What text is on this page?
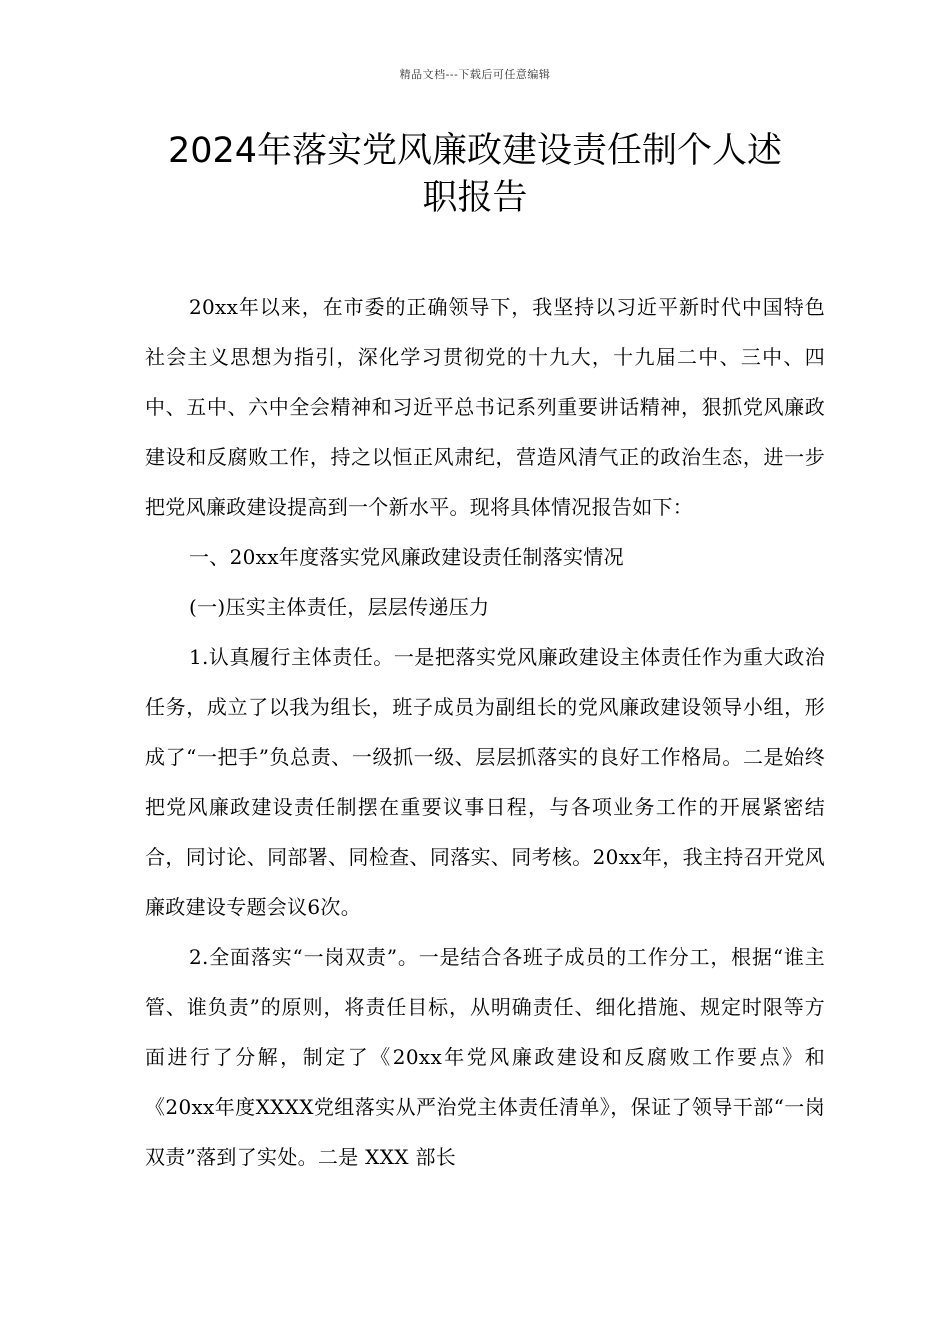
精品文档---下载后可任意编辑
2024年落实党风廉政建设责任制个人述
职报告

20xx年以来，在市委的正确领导下，我坚持以习近平新时代中国特色社会主义思想为指引，深化学习贯彻党的十九大，十九届二中、三中、四中、五中、六中全会精神和习近平总书记系列重要讲话精神，狠抓党风廉政建设和反腐败工作，持之以恒正风肃纪，营造风清气正的政治生态，进一步把党风廉政建设提高到一个新水平。现将具体情况报告如下：

一、20xx年度落实党风廉政建设责任制落实情况

(一)压实主体责任，层层传递压力

1.认真履行主体责任。一是把落实党风廉政建设主体责任作为重大政治任务，成立了以我为组长，班子成员为副组长的党风廉政建设领导小组，形成了“一把手”负总责、一级抓一级、层层抓落实的良好工作格局。二是始终把党风廉政建设责任制摆在重要议事日程，与各项业务工作的开展紧密结合，同讨论、同部署、同检查、同落实、同考核。20xx年，我主持召开党风廉政建设专题会议6次。

2.全面落实“一岗双责”。一是结合各班子成员的工作分工，根据“谁主管、谁负责”的原则，将责任目标，从明确责任、细化措施、规定时限等方面进行了分解，制定了《20xx年党风廉政建设和反腐败工作要点》和《20xx年度XXXX党组落实从严治党主体责任清单》，保证了领导干部“一岗双责”落到了实处。二是 XXX 部长
